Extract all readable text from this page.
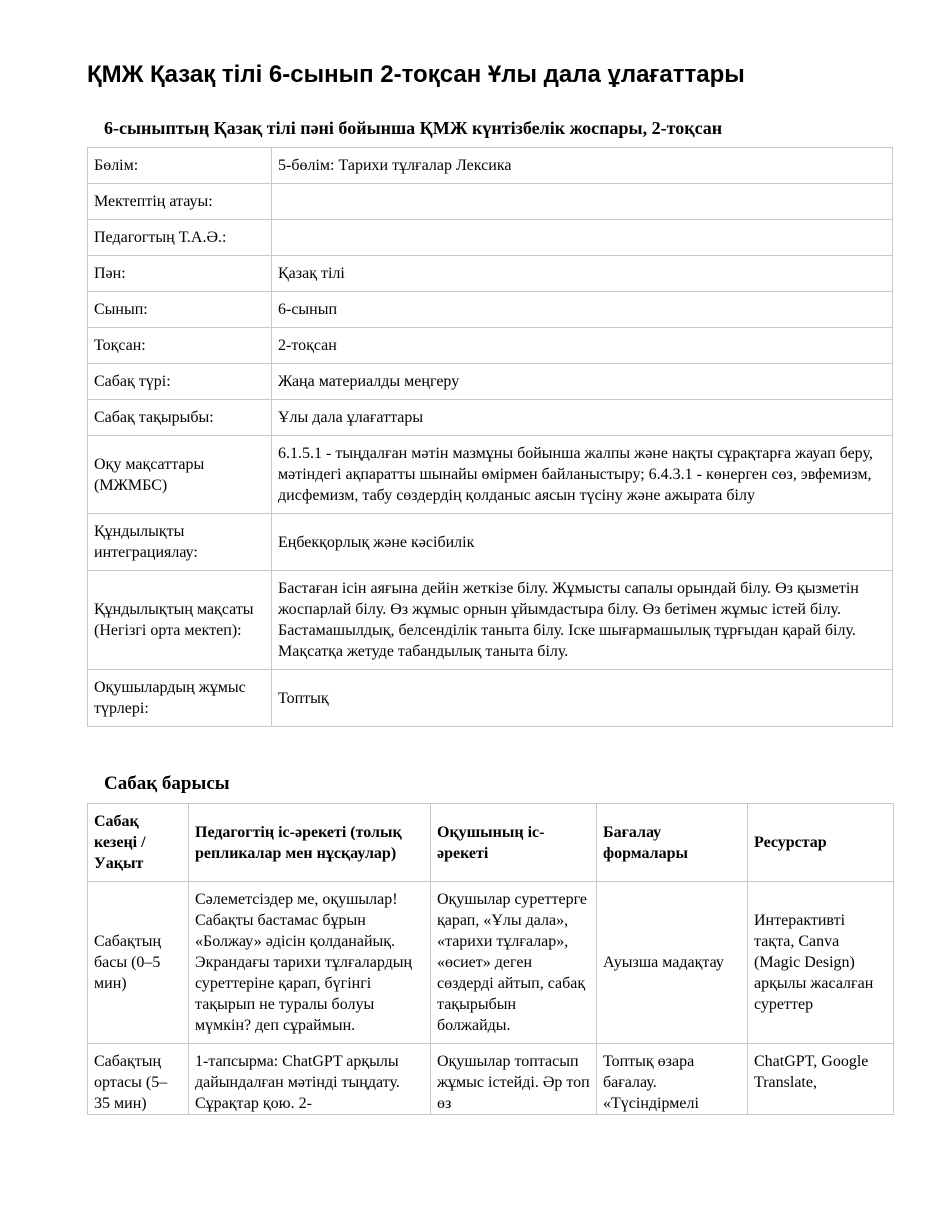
ҚМЖ Қазақ тілі 6-сынып 2-тоқсан Ұлы дала ұлағаттары
6-сыныптың Қазақ тілі пәні бойынша ҚМЖ күнтізбелік жоспары, 2-тоқсан
Бөлім:	5-бөлім: Тарихи тұлғалар Лексика
Мектептің атауы:	
Педагогтың Т.А.Ә.:	
Пән:	Қазақ тілі
Сынып:	6-сынып
Тоқсан:	2-тоқсан
Сабақ түрі:	Жаңа материалды меңгеру
Сабақ тақырыбы:	Ұлы дала ұлағаттары
Оқу мақсаттары (МЖМБС)	6.1.5.1 - тыңдалған мәтін мазмұны бойынша жалпы және нақты сұрақтарға жауап беру, мәтіндегі ақпаратты шынайы өмірмен байланыстыру; 6.4.3.1 - көнерген сөз, эвфемизм, дисфемизм, табу сөздердің қолданыс аясын түсіну және ажырата білу
Құндылықты интеграциялау:	Еңбекқорлық және кәсібилік
Құндылықтың мақсаты (Негізгі орта мектеп):	Бастаған ісін аяғына дейін жеткізе білу. Жұмысты сапалы орындай білу. Өз қызметін жоспарлай білу. Өз жұмыс орнын ұйымдастыра білу. Өз бетімен жұмыс істей білу. Бастамашылдық, белсенділік таныта білу. Іске шығармашылық тұрғыдан қарай білу. Мақсатқа жетуде табандылық таныта білу.
Оқушылардың жұмыс түрлері:	Топтық
Сабақ барысы
Сабақ кезеңі / Уақыт	Педагогтің іс-әрекеті (толық репликалар мен нұсқаулар)	Оқушының іс-әрекеті	Бағалау формалары	Ресурстар
Сабақтың басы (0–5 мин)	Сәлеметсіздер ме, оқушылар! Сабақты бастамас бұрын «Болжау» әдісін қолданайық. Экрандағы тарихи тұлғалардың суреттеріне қарап, бүгінгі тақырып не туралы болуы мүмкін? деп сұраймын.	Оқушылар суреттерге қарап, «Ұлы дала», «тарихи тұлғалар», «өсиет» деген сөздерді айтып, сабақ тақырыбын болжайды.	Ауызша мадақтау	Интерактивті тақта, Canva (Magic Design) арқылы жасалған суреттер
Сабақтың ортасы (5–35 мин)	1-тапсырма: ChatGPT арқылы дайындалған мәтінді тыңдату. Сұрақтар қою. 2-	Оқушылар топтасып жұмыс істейді. Әр топ өз	Топтық өзара бағалау. «Түсіндірмелі	ChatGPT, Google Translate,
